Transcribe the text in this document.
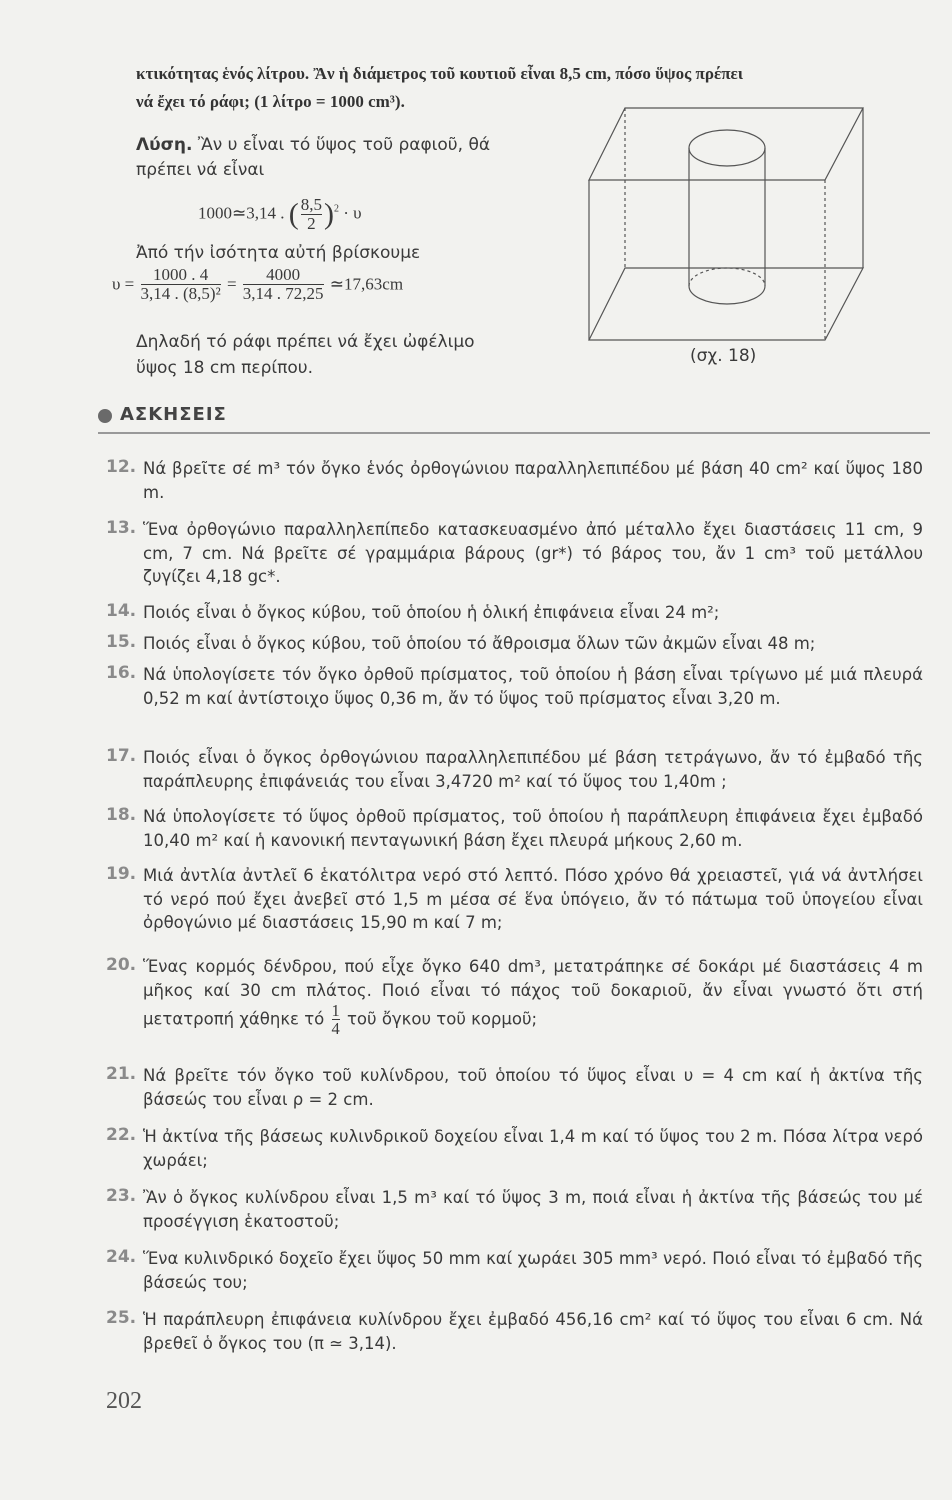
κτικότητας ἑνός λίτρου. Ἂν ἡ διάμετρος τοῦ κουτιοῦ εἶναι 8,5 cm, πόσο ὕψος πρέπει
νά ἔχει τό ράφι; (1 λίτρο = 1000 cm³).
Λύση. Ἂν υ εἶναι τό ὕψος τοῦ ραφιοῦ, θά
πρέπει νά εἶναι
1000≃3,14 . ( $\frac{8,5}{2} )^2 \cdot \upsilon$
Ἀπό τήν ἰσότητα αὐτή βρίσκουμε
$\upsilon = \frac{1000 . 4}{\text{3,14 . (8,5)²}} = \frac{4000}{3,14 . 72,25}$ ≃17,63cm
Δηλαδή τό ράφι πρέπει νά ἔχει ὠφέλιμο
ὕψος 18 cm περίπου.
(σχ. 18)
ΑΣΚΗΣΕΙΣ
12. Νά βρεῖτε σέ m³ τόν ὄγκο ἑνός ὀρθογώνιου παραλληλεπιπέδου μέ βάση 40 cm² καί ὕψος 180 m.
13. Ἕνα ὀρθογώνιο παραλληλεπίπεδο κατασκευασμένο ἀπό μέταλλο ἔχει διαστάσεις 11 cm, 9 cm, 7 cm. Νά βρεῖτε σέ γραμμάρια βάρους (gr*) τό βάρος του, ἄν 1 cm³ τοῦ μετάλλου ζυγίζει 4,18 gc*.
14. Ποιός εἶναι ὁ ὄγκος κύβου, τοῦ ὁποίου ἡ ὁλική ἐπιφάνεια εἶναι 24 m²;
15. Ποιός εἶναι ὁ ὄγκος κύβου, τοῦ ὁποίου τό ἄθροισμα ὅλων τῶν ἀκμῶν εἶναι 48 m;
16. Νά ὑπολογίσετε τόν ὄγκο ὀρθοῦ πρίσματος, τοῦ ὁποίου ἡ βάση εἶναι τρίγωνο μέ μιά πλευρά 0,52 m καί ἀντίστοιχο ὕψος 0,36 m, ἄν τό ὕψος τοῦ πρίσματος εἶναι 3,20 m.
17. Ποιός εἶναι ὁ ὄγκος ὀρθογώνιου παραλληλεπιπέδου μέ βάση τετράγωνο, ἄν τό ἐμβαδό τῆς παράπλευρης ἐπιφάνειάς του εἶναι 3,4720 m² καί τό ὕψος του 1,40m ;
18. Νά ὑπολογίσετε τό ὕψος ὀρθοῦ πρίσματος, τοῦ ὁποίου ἡ παράπλευρη ἐπιφάνεια ἔχει ἐμβαδό 10,40 m² καί ἡ κανονική πενταγωνική βάση ἔχει πλευρά μήκους 2,60 m.
19. Μιά ἀντλία ἀντλεῖ 6 ἑκατόλιτρα νερό στό λεπτό. Πόσο χρόνο θά χρειαστεῖ, γιά νά ἀντλήσει τό νερό πού ἔχει ἀνεβεῖ στό 1,5 m μέσα σέ ἕνα ὑπόγειο, ἄν τό πάτωμα τοῦ ὑπογείου εἶναι ὀρθογώνιο μέ διαστάσεις 15,90 m καί 7 m;
20. Ἕνας κορμός δένδρου, πού εἶχε ὄγκο 640 dm³, μετατράπηκε σέ δοκάρι μέ διαστάσεις 4 m μῆκος καί 30 cm πλάτος. Ποιό εἶναι τό πάχος τοῦ δοκαριοῦ, ἄν εἶναι γνωστό ὅτι στή μετατροπή χάθηκε τό $\frac{1}{4}$ τοῦ ὄγκου τοῦ κορμοῦ;
21. Νά βρεῖτε τόν ὄγκο τοῦ κυλίνδρου, τοῦ ὁποίου τό ὕψος εἶναι υ = 4 cm καί ἡ ἀκτίνα τῆς βάσεώς του εἶναι ρ = 2 cm.
22. Ἡ ἀκτίνα τῆς βάσεως κυλινδρικοῦ δοχείου εἶναι 1,4 m καί τό ὕψος του 2 m. Πόσα λίτρα νερό χωράει;
23. Ἂν ὁ ὄγκος κυλίνδρου εἶναι 1,5 m³ καί τό ὕψος 3 m, ποιά εἶναι ἡ ἀκτίνα τῆς βάσεώς του μέ προσέγγιση ἑκατοστοῦ;
24. Ἕνα κυλινδρικό δοχεῖο ἔχει ὕψος 50 mm καί χωράει 305 mm³ νερό. Ποιό εἶναι τό ἐμβαδό τῆς βάσεώς του;
25. Ἡ παράπλευρη ἐπιφάνεια κυλίνδρου ἔχει ἐμβαδό 456,16 cm² καί τό ὕψος του εἶναι 6 cm. Νά βρεθεῖ ὁ ὄγκος του (π ≃ 3,14).
202
